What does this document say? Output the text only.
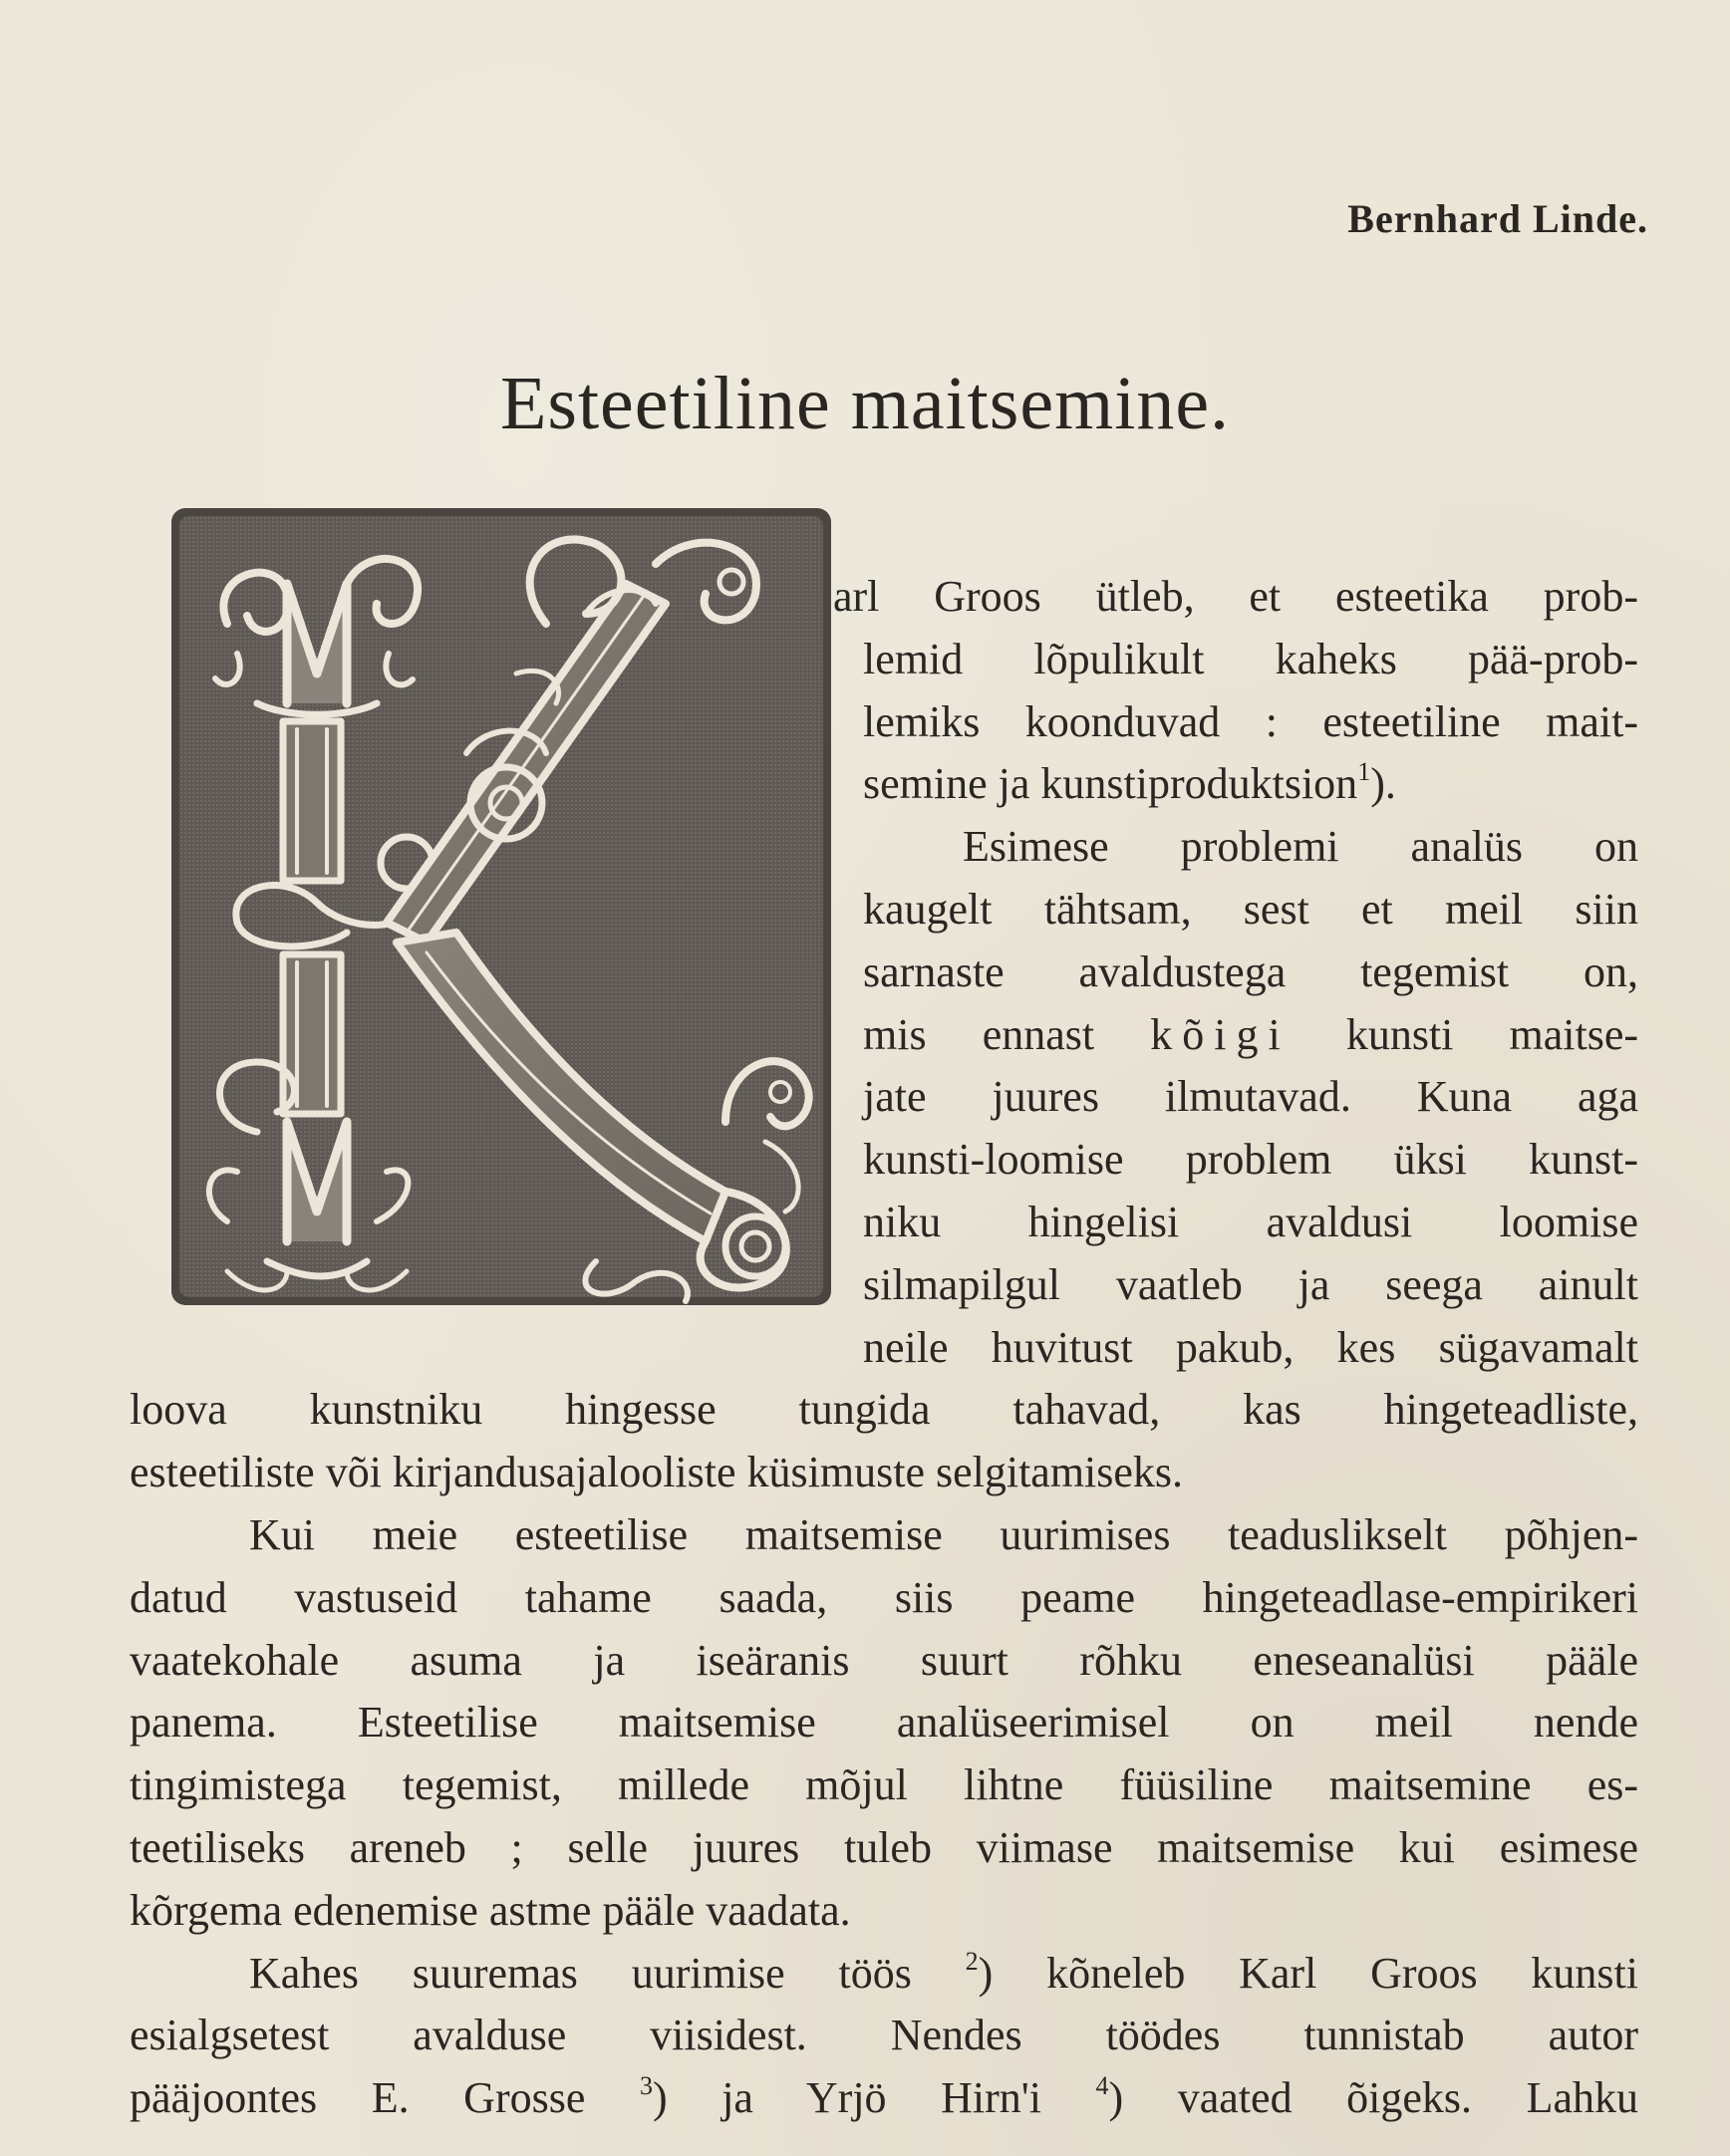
Bernhard Linde.
Esteetiline maitsemine.
arl Groos ütleb, et esteetika prob-
lemid lõpulikult kaheks pää-prob-
lemiks koonduvad : esteetiline mait-
semine ja kunstiproduktsion$^1$).
Esimese problemi analüs on
kaugelt tähtsam, sest et meil siin
sarnaste avaldustega tegemist on,
mis ennast kõigi kunsti maitse-
jate juures ilmutavad. Kuna aga
kunsti-loomise problem üksi kunst-
niku hingelisi avaldusi loomise
silmapilgul vaatleb ja seega ainult
neile huvitust pakub, kes sügavamalt
loova kunstniku hingesse tungida tahavad, kas hingeteadliste,
esteetiliste või kirjandusajalooliste küsimuste selgitamiseks.
Kui meie esteetilise maitsemise uurimises teaduslikselt põhjen-
datud vastuseid tahame saada, siis peame hingeteadlase-empirikeri
vaatekohale asuma ja iseäranis suurt rõhku eneseanalüsi pääle
panema. Esteetilise maitsemise analüseerimisel on meil nende
tingimistega tegemist, millede mõjul lihtne füüsiline maitsemine es-
teetiliseks areneb ; selle juures tuleb viimase maitsemise kui esimese
kõrgema edenemise astme pääle vaadata.
Kahes suuremas uurimise töös $^2$) kõneleb Karl Groos kunsti
esialgsetest avalduse viisidest. Nendes töödes tunnistab autor
pääjoontes E. Grosse $^3$) ja Yrjö Hirn'i $^4$) vaated õigeks. Lahku
